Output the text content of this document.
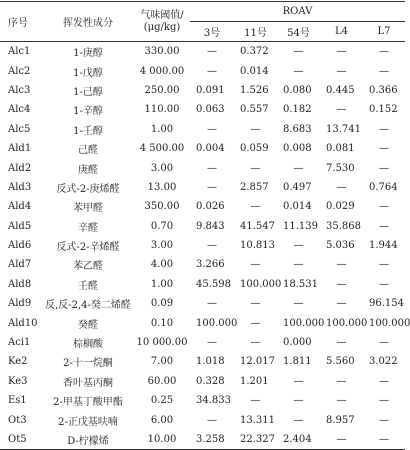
序号	挥发性成分	气味阈值/
(μg/kg)	ROAV				
			3号	11号	54号	L4	L7
Alc1	1-庚醇	330.00	—	0.372	—	—	—
Alc2	1-戊醇	4 000.00	—	0.014	—	—	—
Alc3	1-己醇	250.00	0.091	1.526	0.080	0.445	0.366
Alc4	1-辛醇	110.00	0.063	0.557	0.182	—	0.152
Alc5	1-壬醇	1.00	—	—	8.683	13.741	—
Ald1	己醛	4 500.00	0.004	0.059	0.008	0.081	—
Ald2	庚醛	3.00	—	—	—	7.530	—
Ald3	反式-2-庚烯醛	13.00	—	2.857	0.497	—	0.764
Ald4	苯甲醛	350.00	0.026	—	0.014	0.029	—
Ald5	辛醛	0.70	9.843	41.547	11.139	35.868	—
Ald6	反式-2-辛烯醛	3.00	—	10.813	—	5.036	1.944
Ald7	苯乙醛	4.00	3.266	—	—	—	—
Ald8	壬醛	1.00	45.598	100.000	18.531	—	—
Ald9	反,反-2,4-癸二烯醛	0.09	—	—	—	—	96.154
Ald10	癸醛	0.10	100.000	—	100.000	100.000	100.000
Aci1	棕榈酸	10 000.00	—	—	0.000	—	—
Ke2	2-十一烷酮	7.00	1.018	12.017	1.811	5.560	3.022
Ke3	香叶基丙酮	60.00	0.328	1.201	—	—	—
Es1	2-甲基丁酸甲酯	0.25	34.833	—	—	—	—
Ot3	2-正戊基呋喃	6.00	—	13.311	—	8.957	—
Ot5	D-柠檬烯	10.00	3.258	22.327	2.404	—	—
